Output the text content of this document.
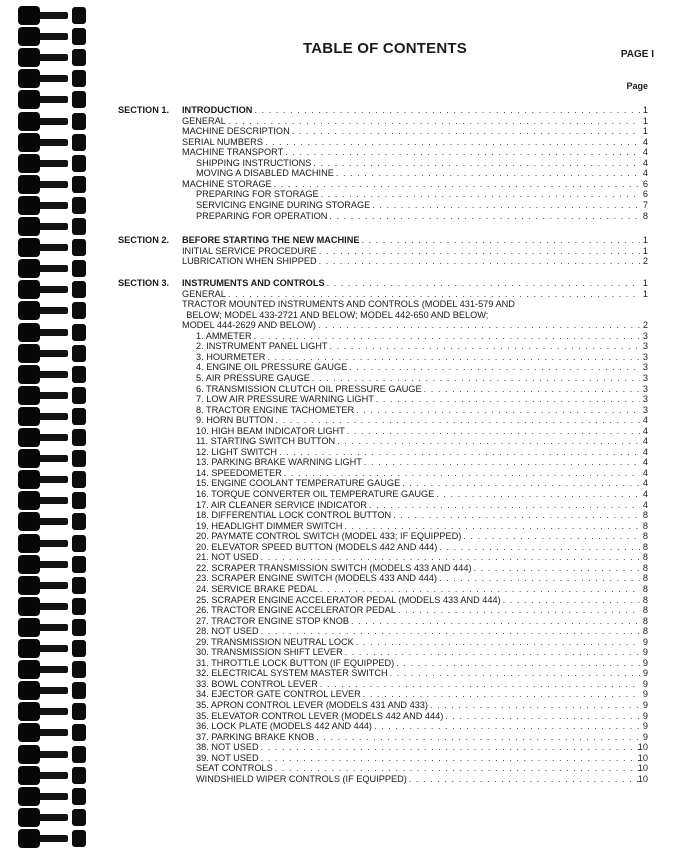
TABLE OF CONTENTS	PAGE I
Page
SECTION 1. INTRODUCTION . . .	1
GENERAL . . .	1
MACHINE DESCRIPTION . . .	1
SERIAL NUMBERS . . .	4
MACHINE TRANSPORT . . .	4
SHIPPING INSTRUCTIONS . . .	4
MOVING A DISABLED MACHINE . . .	4
MACHINE STORAGE . . .	6
PREPARING FOR STORAGE . . .	6
SERVICING ENGINE DURING STORAGE . . .	7
PREPARING FOR OPERATION . . .	8
SECTION 2. BEFORE STARTING THE NEW MACHINE . . .	1
INITIAL SERVICE PROCEDURE . . .	1
LUBRICATION WHEN SHIPPED . . .	2
SECTION 3. INSTRUMENTS AND CONTROLS . . .	1
GENERAL . . .	1
TRACTOR MOUNTED INSTRUMENTS AND CONTROLS (MODEL 431-579 AND
BELOW; MODEL 433-2721 AND BELOW; MODEL 442-650 AND BELOW;
MODEL 444-2629 AND BELOW) . . .	2
1. AMMETER . . .	3
2. INSTRUMENT PANEL LIGHT . . .	3
3. HOURMETER . . .	3
4. ENGINE OIL PRESSURE GAUGE . . .	3
5. AIR PRESSURE GAUGE . . .	3
6. TRANSMISSION CLUTCH OIL PRESSURE GAUGE . . .	3
7. LOW AIR PRESSURE WARNING LIGHT . . .	3
8. TRACTOR ENGINE TACHOMETER . . .	3
9. HORN BUTTON . . .	4
10. HIGH BEAM INDICATOR LIGHT . . .	4
11. STARTING SWITCH BUTTON . . .	4
12. LIGHT SWITCH . . .	4
13. PARKING BRAKE WARNING LIGHT . . .	4
14. SPEEDOMETER . . .	4
15. ENGINE COOLANT TEMPERATURE GAUGE . . .	4
16. TORQUE CONVERTER OIL TEMPERATURE GAUGE . . .	4
17. AIR CLEANER SERVICE INDICATOR . . .	4
18. DIFFERENTIAL LOCK CONTROL BUTTON . . .	8
19. HEADLIGHT DIMMER SWITCH . . .	8
20. PAYMATE CONTROL SWITCH (MODEL 433; IF EQUIPPED) . . .	8
20. ELEVATOR SPEED BUTTON (MODELS 442 AND 444) . . .	8
21. NOT USED . . .	8
22. SCRAPER TRANSMISSION SWITCH (MODELS 433 AND 444) . . .	8
23. SCRAPER ENGINE SWITCH (MODELS 433 AND 444) . . .	8
24. SERVICE BRAKE PEDAL . . .	8
25. SCRAPER ENGINE ACCELERATOR PEDAL (MODELS 433 AND 444) . . .	8
26. TRACTOR ENGINE ACCELERATOR PEDAL . . .	8
27. TRACTOR ENGINE STOP KNOB . . .	8
28. NOT USED . . .	8
29. TRANSMISSION NEUTRAL LOCK . . .	9
30. TRANSMISSION SHIFT LEVER . . .	9
31. THROTTLE LOCK BUTTON (IF EQUIPPED) . . .	9
32. ELECTRICAL SYSTEM MASTER SWITCH . . .	9
33. BOWL CONTROL LEVER . . .	9
34. EJECTOR GATE CONTROL LEVER . . .	9
35. APRON CONTROL LEVER (MODELS 431 AND 433) . . .	9
35. ELEVATOR CONTROL LEVER (MODELS 442 AND 444) . . .	9
36. LOCK PLATE (MODELS 442 AND 444) . . .	9
37. PARKING BRAKE KNOB . . .	9
38. NOT USED . . .	10
39. NOT USED . . .	10
SEAT CONTROLS . . .	10
WINDSHIELD WIPER CONTROLS (IF EQUIPPED) . . .	10
